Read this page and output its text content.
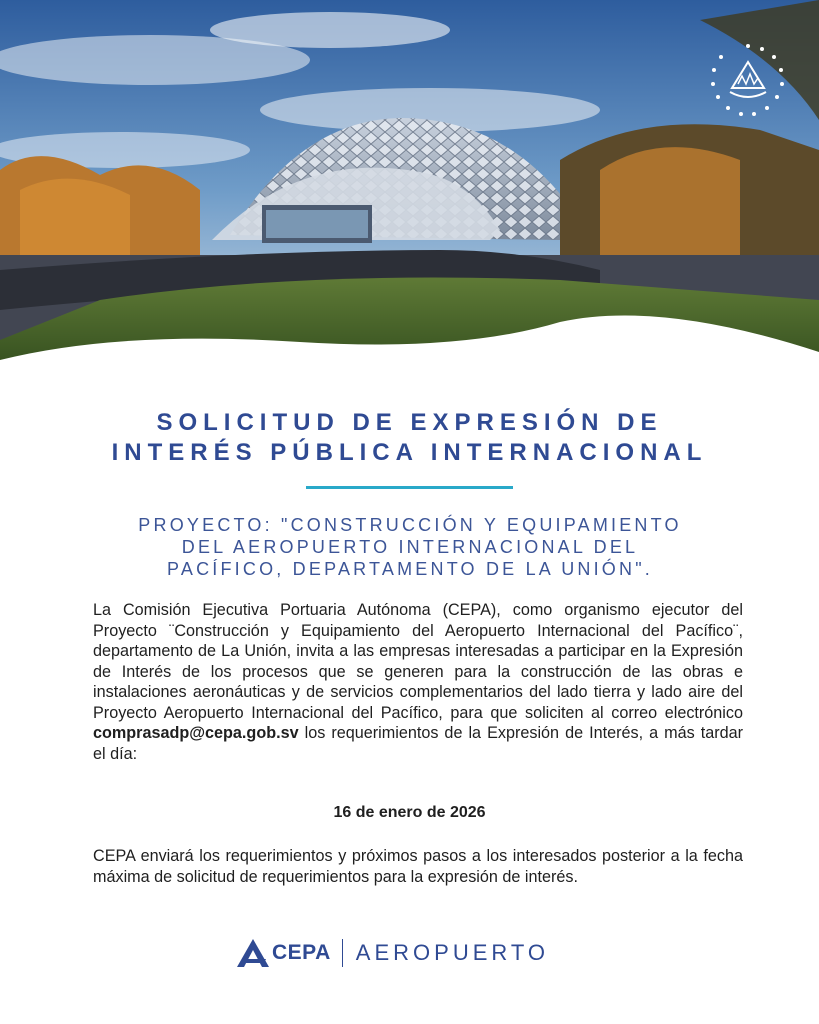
SOLICITUD DE EXPRESIÓN DE
INTERÉS PÚBLICA INTERNACIONAL
PROYECTO: "CONSTRUCCIÓN Y EQUIPAMIENTO
DEL AEROPUERTO INTERNACIONAL DEL
PACÍFICO, DEPARTAMENTO DE LA UNIÓN".
La Comisión Ejecutiva Portuaria Autónoma (CEPA), como organismo ejecutor del Proyecto ¨Construcción y Equipamiento del Aeropuerto Internacional del Pacífico¨, departamento de La Unión, invita a las empresas interesadas a participar en la Expresión de Interés de los procesos que se generen para la construcción de las obras e instalaciones aeronáuticas y de servicios complementarios del lado tierra y lado aire del Proyecto Aeropuerto Internacional del Pacífico, para que soliciten al correo electrónico comprasadp@cepa.gob.sv los requerimientos de la Expresión de Interés, a más tardar el día:
16 de enero de 2026
CEPA enviará los requerimientos y próximos pasos a los interesados posterior a la fecha máxima de solicitud de requerimientos para la expresión de interés.
CEPA AEROPUERTO
